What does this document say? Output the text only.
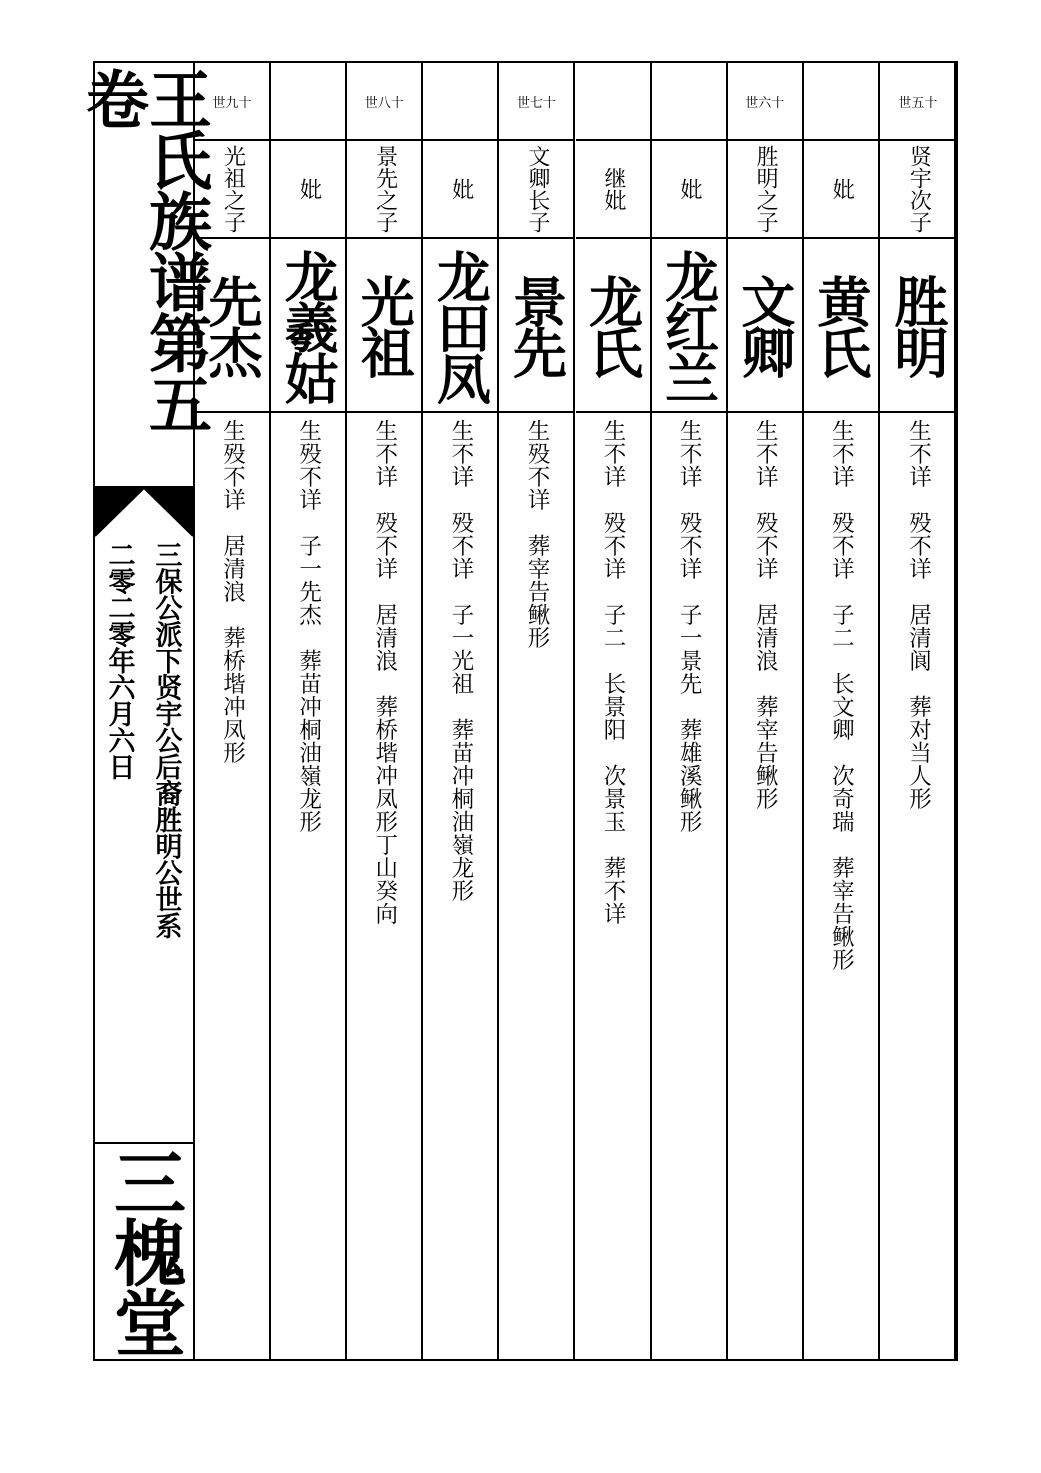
王氏族谱第五卷
三保公派下贤宇公后裔胜明公世系
二零二零年六月六日
三槐堂
世五十
贤宇次子
胜明
生不详　殁不详　居清阆　葬对当人形
妣
黄氏
生不详　殁不详　子二　长文卿　次奇瑞　葬宰告鳅形
世六十
胜明之子
文卿
生不详　殁不详　居清浪　葬宰告鳅形
妣
龙红兰
生不详　殁不详　子一景先　葬雄溪鳅形
继妣
龙氏
生不详　殁不详　子二　长景阳　次景玉　葬不详
世七十
文卿长子
景先
生殁不详　葬宰告鳅形
妣
龙田凤
生不详　殁不详　子一光祖　葬苗冲桐油嶺龙形
世八十
景先之子
光祖
生不详　殁不详　居清浪　葬桥堦冲凤形丁山癸向
妣
龙羲姑
生殁不详　子一先杰　葬苗冲桐油嶺龙形
世九十
光祖之子
先杰
生殁不详　居清浪　葬桥堦冲凤形
